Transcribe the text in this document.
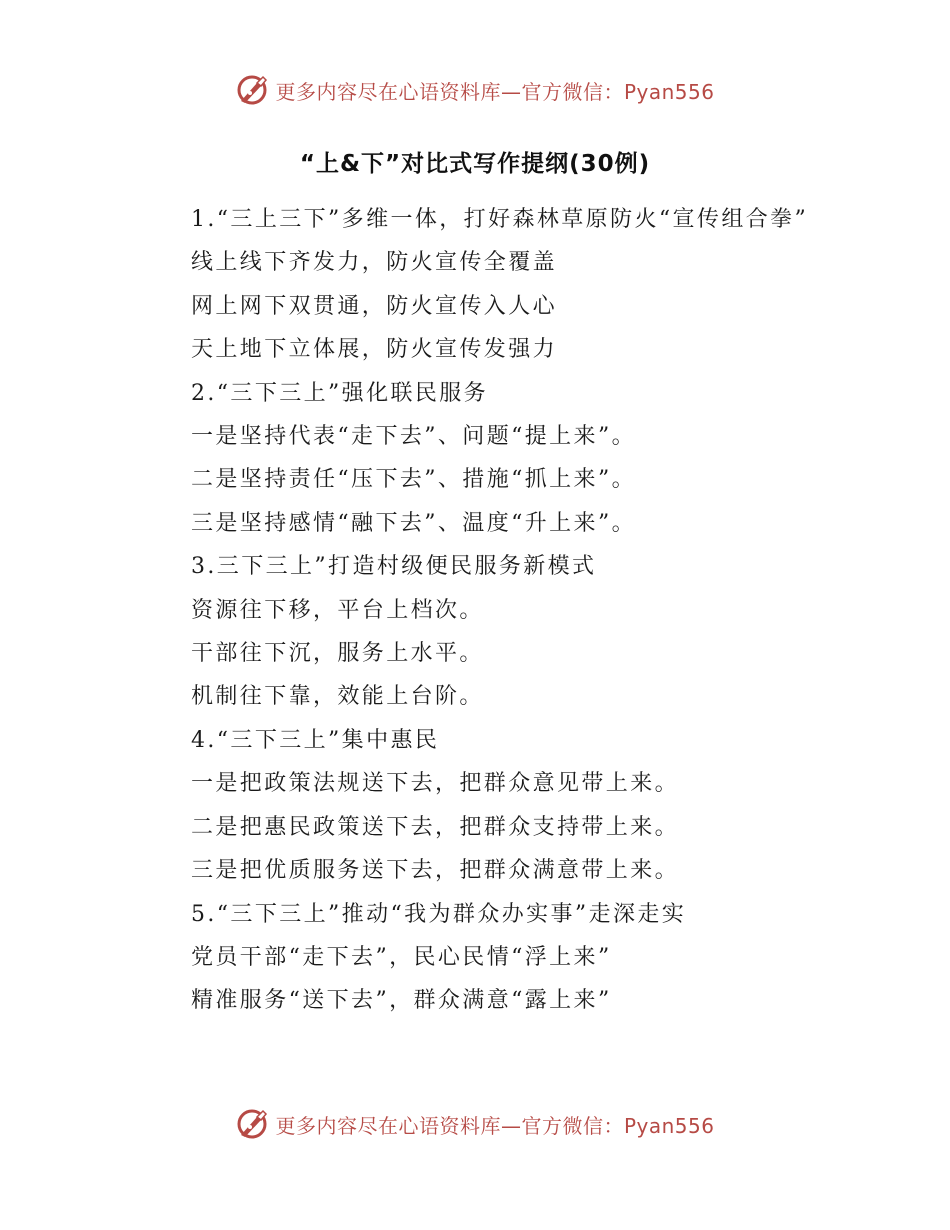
更多内容尽在心语资料库—官方微信：Pyan556
“上&下”对比式写作提纲(30例)

1.“三上三下”多维一体，打好森林草原防火“宣传组合拳”

线上线下齐发力，防火宣传全覆盖

网上网下双贯通，防火宣传入人心

天上地下立体展，防火宣传发强力

2.“三下三上”强化联民服务

一是坚持代表“走下去”、问题“提上来”。

二是坚持责任“压下去”、措施“抓上来”。

三是坚持感情“融下去”、温度“升上来”。

3.三下三上”打造村级便民服务新模式

资源往下移，平台上档次。

干部往下沉，服务上水平。

机制往下靠，效能上台阶。

4.“三下三上”集中惠民

一是把政策法规送下去，把群众意见带上来。

二是把惠民政策送下去，把群众支持带上来。

三是把优质服务送下去，把群众满意带上来。

5.“三下三上”推动“我为群众办实事”走深走实

党员干部“走下去”，民心民情“浮上来”

精准服务“送下去”，群众满意“露上来”

更多内容尽在心语资料库—官方微信：Pyan556
